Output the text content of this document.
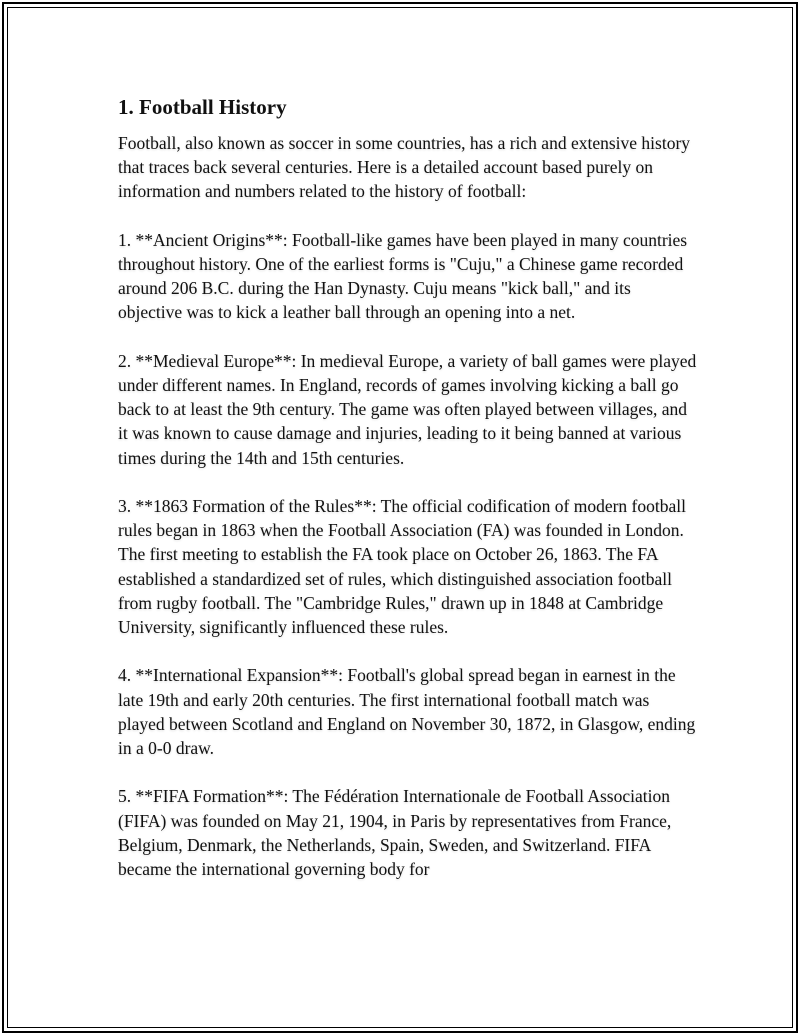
1. Football History

Football, also known as soccer in some countries, has a rich and extensive history that traces back several centuries. Here is a detailed account based purely on information and numbers related to the history of football:

1. **Ancient Origins**: Football-like games have been played in many countries throughout history. One of the earliest forms is "Cuju," a Chinese game recorded around 206 B.C. during the Han Dynasty. Cuju means "kick ball," and its objective was to kick a leather ball through an opening into a net.

2. **Medieval Europe**: In medieval Europe, a variety of ball games were played under different names. In England, records of games involving kicking a ball go back to at least the 9th century. The game was often played between villages, and it was known to cause damage and injuries, leading to it being banned at various times during the 14th and 15th centuries.

3. **1863 Formation of the Rules**: The official codification of modern football rules began in 1863 when the Football Association (FA) was founded in London. The first meeting to establish the FA took place on October 26, 1863. The FA established a standardized set of rules, which distinguished association football from rugby football. The "Cambridge Rules," drawn up in 1848 at Cambridge University, significantly influenced these rules.

4. **International Expansion**: Football's global spread began in earnest in the late 19th and early 20th centuries. The first international football match was played between Scotland and England on November 30, 1872, in Glasgow, ending in a 0-0 draw.

5. **FIFA Formation**: The Fédération Internationale de Football Association (FIFA) was founded on May 21, 1904, in Paris by representatives from France, Belgium, Denmark, the Netherlands, Spain, Sweden, and Switzerland. FIFA became the international governing body for
